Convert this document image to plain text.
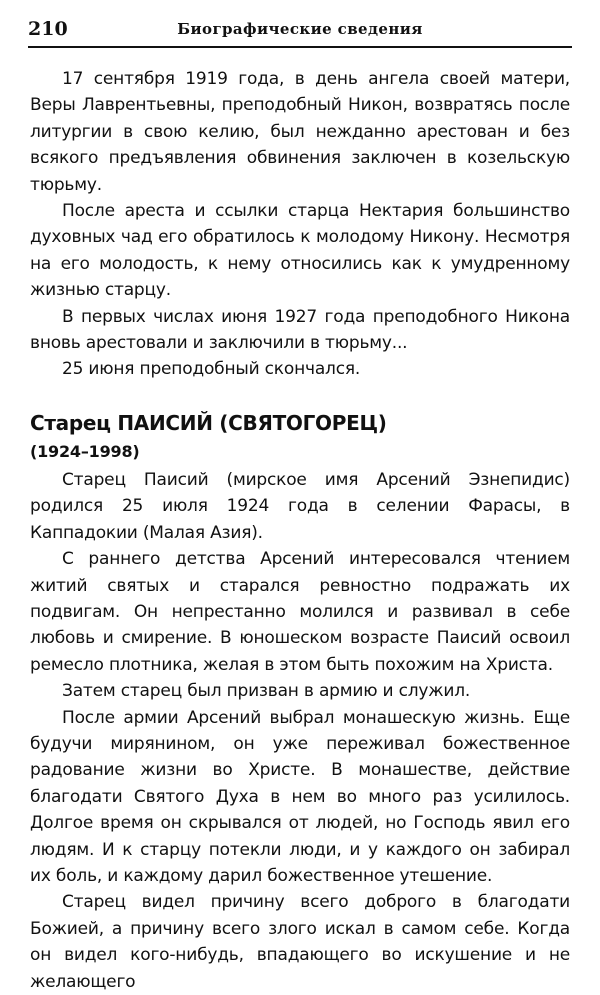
210	Биографические сведения

17 сентября 1919 года, в день ангела своей матери, Веры Лаврентьевны, преподобный Никон, возвратясь после литургии в свою келию, был нежданно арестован и без всякого предъявления обвинения заключен в козельскую тюрьму.

После ареста и ссылки старца Нектария большинство духовных чад его обратилось к молодому Никону. Несмотря на его молодость, к нему относились как к умудренному жизнью старцу.

В первых числах июня 1927 года преподобного Никона вновь арестовали и заключили в тюрьму...

25 июня преподобный скончался.

Старец ПАИСИЙ (СВЯТОГОРЕЦ)
(1924–1998)

Старец Паисий (мирское имя Арсений Эзнепидис) родился 25 июля 1924 года в селении Фарасы, в Каппадокии (Малая Азия).

С раннего детства Арсений интересовался чтением житий святых и старался ревностно подражать их подвигам. Он непрестанно молился и развивал в себе любовь и смирение. В юношеском возрасте Паисий освоил ремесло плотника, желая в этом быть похожим на Христа.

Затем старец был призван в армию и служил.

После армии Арсений выбрал монашескую жизнь. Еще будучи мирянином, он уже переживал божественное радование жизни во Христе. В монашестве, действие благодати Святого Духа в нем во много раз усилилось. Долгое время он скрывался от людей, но Господь явил его людям. И к старцу потекли люди, и у каждого он забирал их боль, и каждому дарил божественное утешение.

Старец видел причину всего доброго в благодати Божией, а причину всего злого искал в самом себе. Когда он видел кого-нибудь, впадающего во искушение и не желающего
